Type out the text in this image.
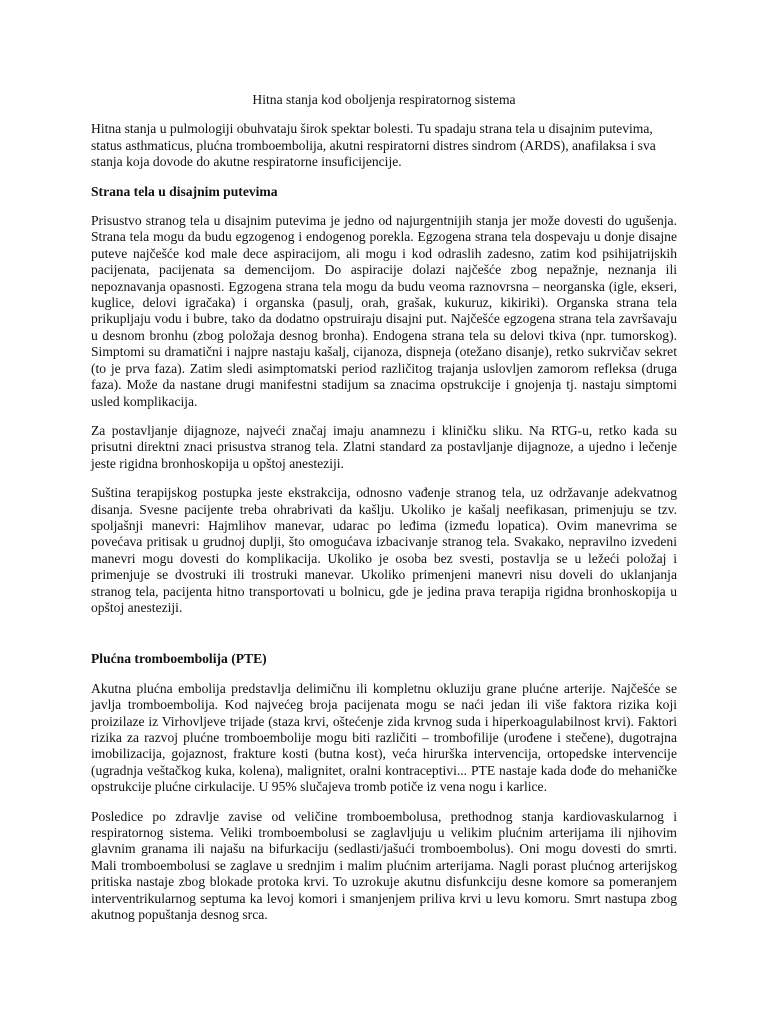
Hitna stanja kod oboljenja respiratornog sistema

Hitna stanja u pulmologiji obuhvataju širok spektar bolesti. Tu spadaju strana tela u disajnim putevima, status asthmaticus, plućna tromboembolija, akutni respiratorni distres sindrom (ARDS), anafilaksa i sva stanja koja dovode do akutne respiratorne insuficijencije.

Strana tela u disajnim putevima

Prisustvo stranog tela u disajnim putevima je jedno od najurgentnijih stanja jer može dovesti do ugušenja. Strana tela mogu da budu egzogenog i endogenog porekla. Egzogena strana tela dospevaju u donje disajne puteve najčešće kod male dece aspiracijom, ali mogu i kod odraslih zadesno, zatim kod psihijatrijskih pacijenata, pacijenata sa demencijom. Do aspiracije dolazi najčešće zbog nepažnje, neznanja ili nepoznavanja opasnosti. Egzogena strana tela mogu da budu veoma raznovrsna – neorganska (igle, ekseri, kuglice, delovi igračaka) i organska (pasulj, orah, grašak, kukuruz, kikiriki). Organska strana tela prikupljaju vodu i bubre, tako da dodatno opstruiraju disajni put. Najčešće egzogena strana tela završavaju u desnom bronhu (zbog položaja desnog bronha). Endogena strana tela su delovi tkiva (npr. tumorskog). Simptomi su dramatični i najpre nastaju kašalj, cijanoza, dispneja (otežano disanje), retko sukrvičav sekret (to je prva faza). Zatim sledi asimptomatski period različitog trajanja uslovljen zamorom refleksa (druga faza). Može da nastane drugi manifestni stadijum sa znacima opstrukcije i gnojenja tj. nastaju simptomi usled komplikacija.

Za postavljanje dijagnoze, najveći značaj imaju anamnezu i kliničku sliku. Na RTG-u, retko kada su prisutni direktni znaci prisustva stranog tela. Zlatni standard za postavljanje dijagnoze, a ujedno i lečenje jeste rigidna bronhoskopija u opštoj anesteziji.

Suština terapijskog postupka jeste ekstrakcija, odnosno vađenje stranog tela, uz održavanje adekvatnog disanja. Svesne pacijente treba ohrabrivati da kašlju. Ukoliko je kašalj neefikasan, primenjuju se tzv. spoljašnji manevri: Hajmlihov manevar, udarac po leđima (između lopatica). Ovim manevrima se povećava pritisak u grudnoj duplji, što omogućava izbacivanje stranog tela. Svakako, nepravilno izvedeni manevri mogu dovesti do komplikacija. Ukoliko je osoba bez svesti, postavlja se u ležeći položaj i primenjuje se dvostruki ili trostruki manevar. Ukoliko primenjeni manevri nisu doveli do uklanjanja stranog tela, pacijenta hitno transportovati u bolnicu, gde je jedina prava terapija rigidna bronhoskopija u opštoj anesteziji.

Plućna tromboembolija (PTE)

Akutna plućna embolija predstavlja delimičnu ili kompletnu okluziju grane plućne arterije. Najčešće se javlja tromboembolija. Kod najvećeg broja pacijenata mogu se naći jedan ili više faktora rizika koji proizilaze iz Virhovljeve trijade (staza krvi, oštećenje zida krvnog suda i hiperkoagulabilnost krvi). Faktori rizika za razvoj plućne tromboembolije mogu biti različiti – trombofilije (urođene i stečene), dugotrajna imobilizacija, gojaznost, frakture kosti (butna kost), veća hirurška intervencija, ortopedske intervencije (ugradnja veštačkog kuka, kolena), malignitet, oralni kontraceptivi... PTE nastaje kada dođe do mehaničke opstrukcije plućne cirkulacije. U 95% slučajeva tromb potiče iz vena nogu i karlice.

Posledice po zdravlje zavise od veličine tromboembolusa, prethodnog stanja kardiovaskularnog i respiratornog sistema. Veliki tromboembolusi se zaglavljuju u velikim plućnim arterijama ili njihovim glavnim granama ili najašu na bifurkaciju (sedlasti/jašući tromboembolus). Oni mogu dovesti do smrti. Mali tromboembolusi se zaglave u srednjim i malim plućnim arterijama. Nagli porast plućnog arterijskog pritiska nastaje zbog blokade protoka krvi. To uzrokuje akutnu disfunkciju desne komore sa pomeranjem interventrikularnog septuma ka levoj komori i smanjenjem priliva krvi u levu komoru. Smrt nastupa zbog akutnog popuštanja desnog srca.
